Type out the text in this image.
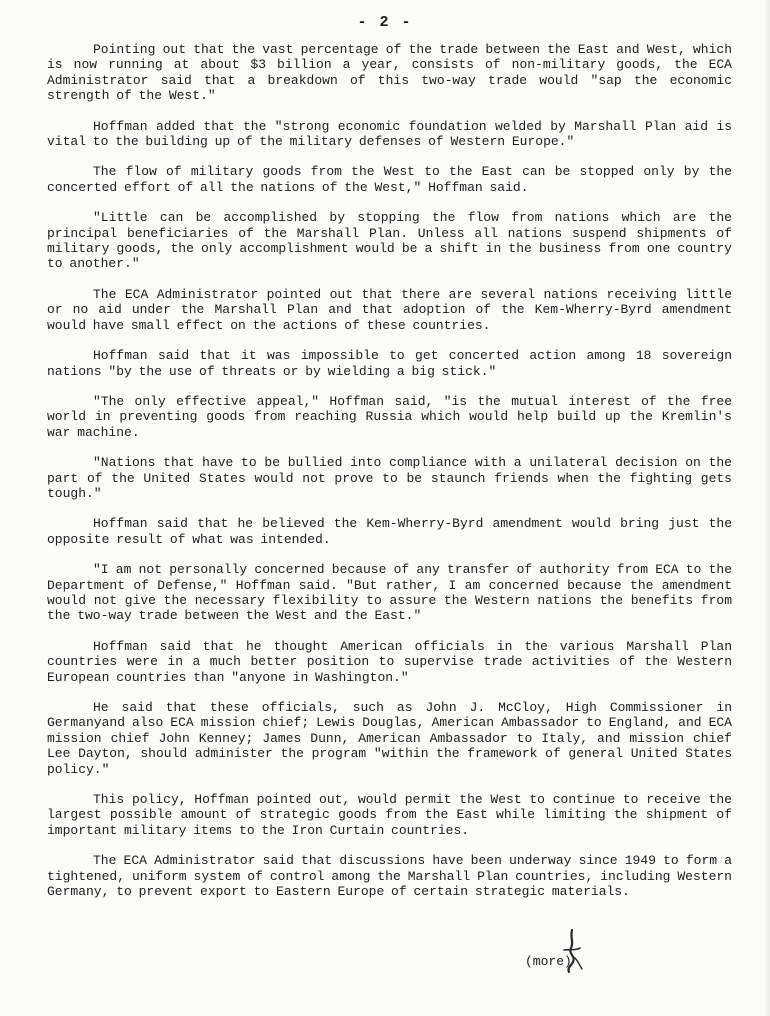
- 2 -

Pointing out that the vast percentage of the trade between the East and West, which is now running at about $3 billion a year, consists of non-military goods, the ECA Administrator said that a breakdown of this two-way trade would "sap the economic strength of the West."

Hoffman added that the "strong economic foundation welded by Marshall Plan aid is vital to the building up of the military defenses of Western Europe."

The flow of military goods from the West to the East can be stopped only by the concerted effort of all the nations of the West," Hoffman said.

"Little can be accomplished by stopping the flow from nations which are the principal beneficiaries of the Marshall Plan. Unless all nations suspend shipments of military goods, the only accomplishment would be a shift in the business from one country to another."

The ECA Administrator pointed out that there are several nations receiving little or no aid under the Marshall Plan and that adoption of the Kem-Wherry-Byrd amendment would have small effect on the actions of these countries.

Hoffman said that it was impossible to get concerted action among 18 sovereign nations "by the use of threats or by wielding a big stick."

"The only effective appeal," Hoffman said, "is the mutual interest of the free world in preventing goods from reaching Russia which would help build up the Kremlin's war machine.

"Nations that have to be bullied into compliance with a unilateral decision on the part of the United States would not prove to be staunch friends when the fighting gets tough."

Hoffman said that he believed the Kem-Wherry-Byrd amendment would bring just the opposite result of what was intended.

"I am not personally concerned because of any transfer of authority from ECA to the Department of Defense," Hoffman said. "But rather, I am concerned because the amendment would not give the necessary flexibility to assure the Western nations the benefits from the two-way trade between the West and the East."

Hoffman said that he thought American officials in the various Marshall Plan countries were in a much better position to supervise trade activities of the Western European countries than "anyone in Washington."

He said that these officials, such as John J. McCloy, High Commissioner in Germanyand also ECA mission chief; Lewis Douglas, American Ambassador to England, and ECA mission chief John Kenney; James Dunn, American Ambassador to Italy, and mission chief Lee Dayton, should administer the program "within the framework of general United States policy."

This policy, Hoffman pointed out, would permit the West to continue to receive the largest possible amount of strategic goods from the East while limiting the shipment of important military items to the Iron Curtain countries.

The ECA Administrator said that discussions have been underway since 1949 to form a tightened, uniform system of control among the Marshall Plan countries, including Western Germany, to prevent export to Eastern Europe of certain strategic materials.

(more)
